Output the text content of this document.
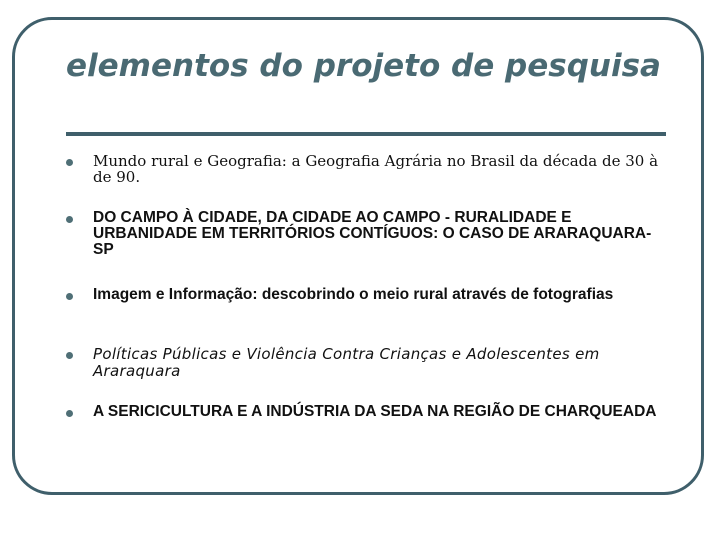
elementos do projeto de pesquisa
Mundo rural e Geografia: a Geografia Agrária no Brasil da década de 30 à de 90.
DO CAMPO À CIDADE, DA CIDADE AO CAMPO - RURALIDADE E URBANIDADE EM TERRITÓRIOS CONTÍGUOS: O CASO DE ARARAQUARA-SP
Imagem e Informação: descobrindo o meio rural através de fotografias
Políticas Públicas e Violência Contra Crianças e Adolescentes em Araraquara
A SERICICULTURA E A INDÚSTRIA DA SEDA NA REGIÃO DE CHARQUEADA
